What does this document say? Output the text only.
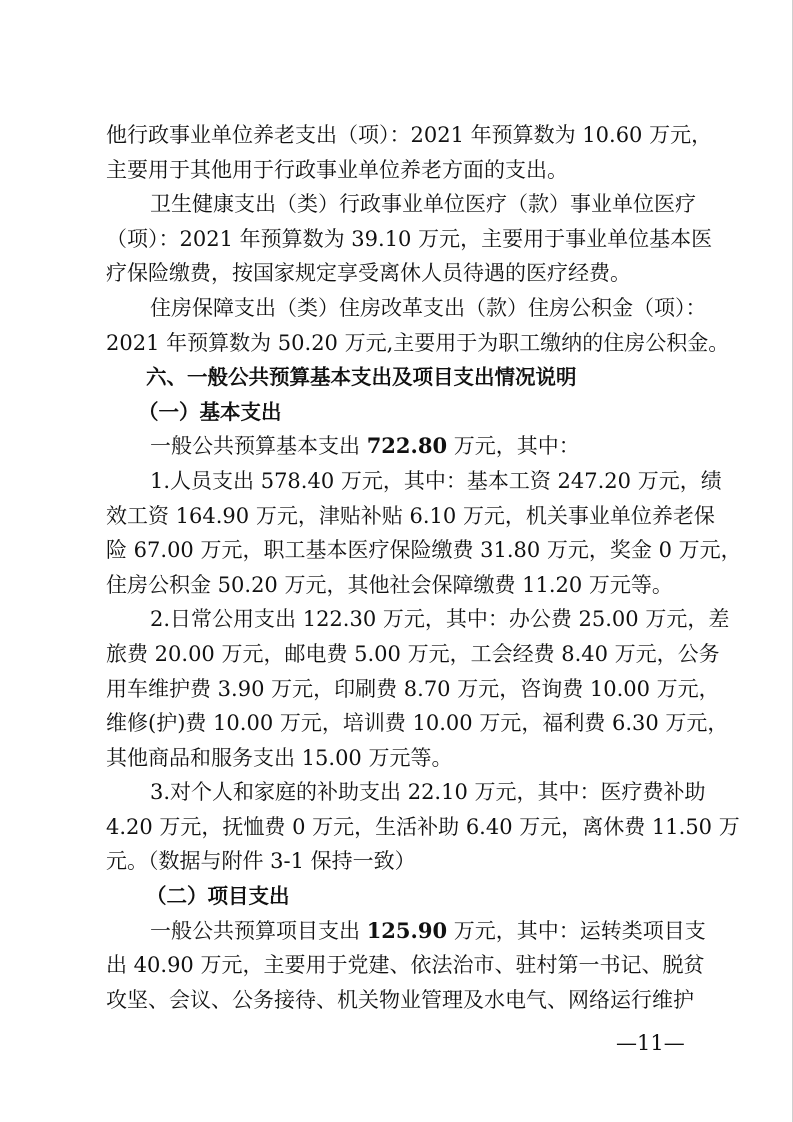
他行政事业单位养老支出（项）：2021 年预算数为 10.60 万元，
主要用于其他用于行政事业单位养老方面的支出。
卫生健康支出（类）行政事业单位医疗（款）事业单位医疗
（项）：2021 年预算数为 39.10 万元，主要用于事业单位基本医
疗保险缴费，按国家规定享受离休人员待遇的医疗经费。
住房保障支出（类）住房改革支出（款）住房公积金（项）：
2021 年预算数为 50.20 万元,主要用于为职工缴纳的住房公积金。
六、一般公共预算基本支出及项目支出情况说明
（一）基本支出
一般公共预算基本支出 722.80 万元，其中：
1.人员支出 578.40 万元，其中：基本工资 247.20 万元，绩
效工资 164.90 万元，津贴补贴 6.10 万元，机关事业单位养老保
险 67.00 万元，职工基本医疗保险缴费 31.80 万元，奖金 0 万元，
住房公积金 50.20 万元，其他社会保障缴费 11.20 万元等。
2.日常公用支出 122.30 万元，其中：办公费 25.00 万元，差
旅费 20.00 万元，邮电费 5.00 万元，工会经费 8.40 万元，公务
用车维护费 3.90 万元，印刷费 8.70 万元，咨询费 10.00 万元，
维修(护)费 10.00 万元，培训费 10.00 万元，福利费 6.30 万元，
其他商品和服务支出 15.00 万元等。
3.对个人和家庭的补助支出 22.10 万元，其中：医疗费补助
4.20 万元，抚恤费 0 万元，生活补助 6.40 万元，离休费 11.50 万
元。（数据与附件 3-1 保持一致）
（二）项目支出
一般公共预算项目支出 125.90 万元，其中：运转类项目支
出 40.90 万元，主要用于党建、依法治市、驻村第一书记、脱贫
攻坚、会议、公务接待、机关物业管理及水电气、网络运行维护
—11—
